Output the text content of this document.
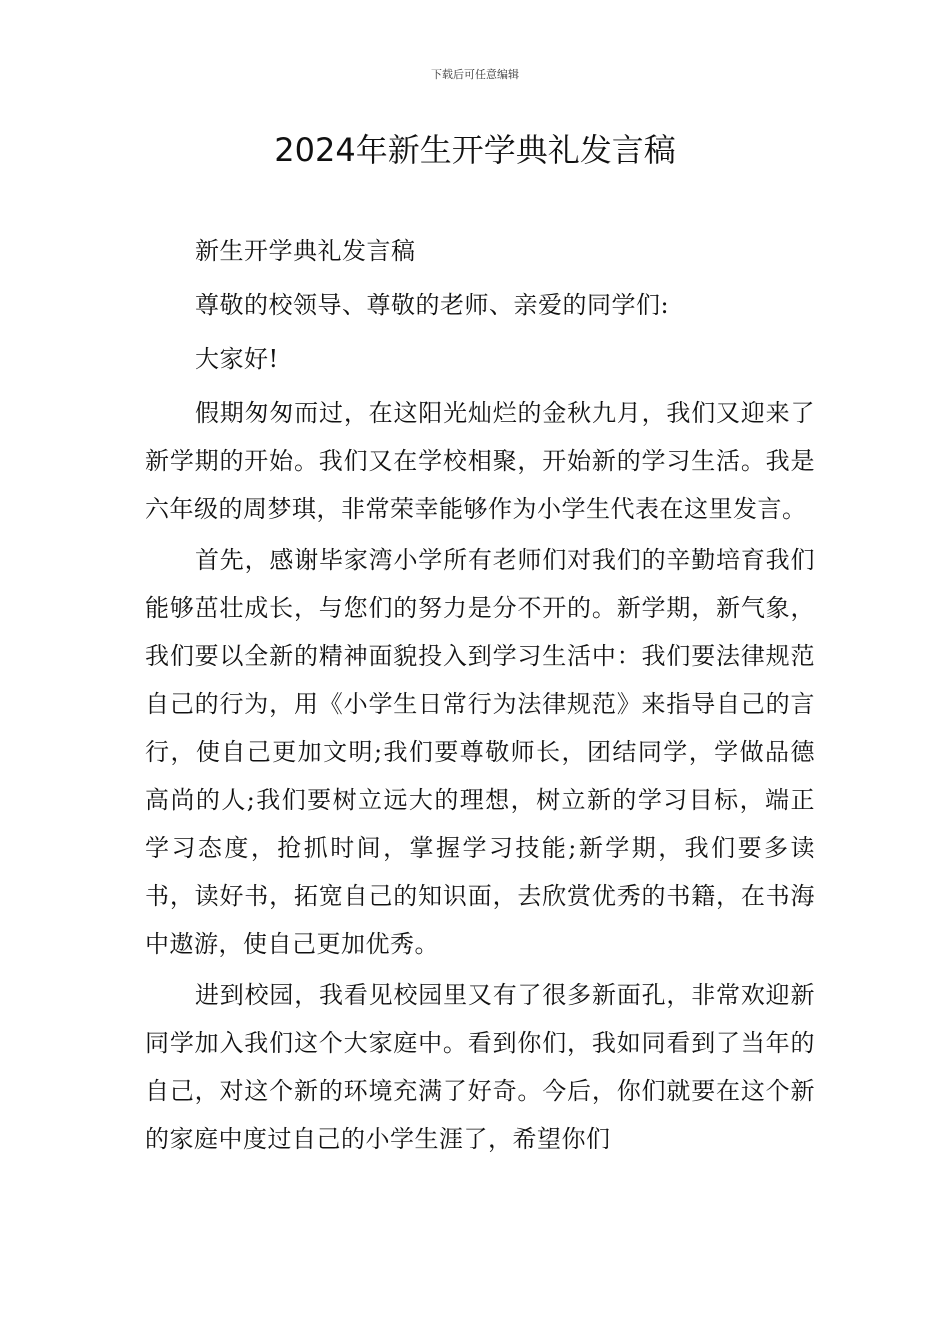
下载后可任意编辑
2024年新生开学典礼发言稿

新生开学典礼发言稿

尊敬的校领导、尊敬的老师、亲爱的同学们:

大家好!

假期匆匆而过，在这阳光灿烂的金秋九月，我们又迎来了新学期的开始。我们又在学校相聚，开始新的学习生活。我是六年级的周梦琪，非常荣幸能够作为小学生代表在这里发言。

首先，感谢毕家湾小学所有老师们对我们的辛勤培育我们能够茁壮成长，与您们的努力是分不开的。新学期，新气象，我们要以全新的精神面貌投入到学习生活中：我们要法律规范自己的行为，用《小学生日常行为法律规范》来指导自己的言行，使自己更加文明;我们要尊敬师长，团结同学，学做品德高尚的人;我们要树立远大的理想，树立新的学习目标，端正学习态度，抢抓时间，掌握学习技能;新学期，我们要多读书，读好书，拓宽自己的知识面，去欣赏优秀的书籍，在书海中遨游，使自己更加优秀。

进到校园，我看见校园里又有了很多新面孔，非常欢迎新同学加入我们这个大家庭中。看到你们，我如同看到了当年的自己，对这个新的环境充满了好奇。今后，你们就要在这个新的家庭中度过自己的小学生涯了，希望你们
